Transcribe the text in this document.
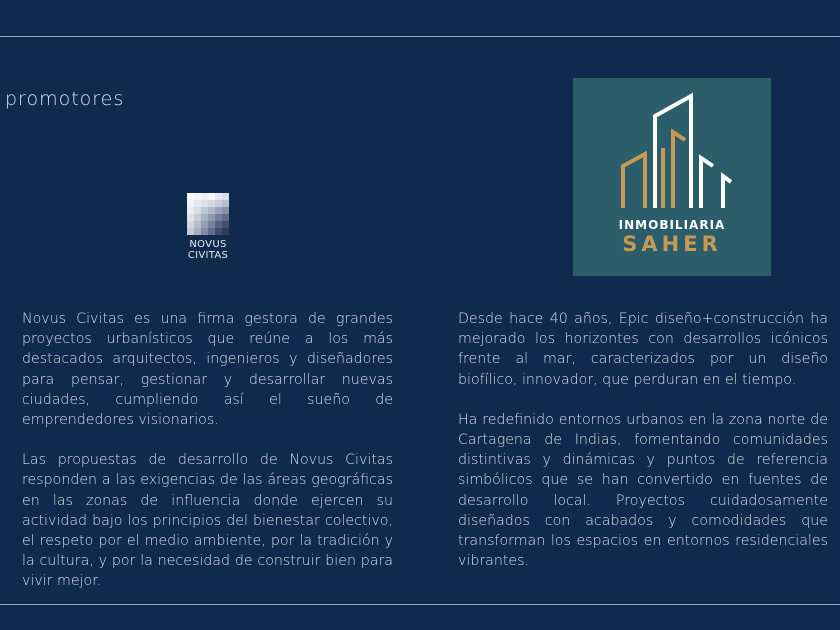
promotores
NOVUS
CIVITAS
INMOBILIARIA
SAHER

Novus Civitas es una firma gestora de grandes proyectos urbanísticos que reúne a los más destacados arquitectos, ingenieros y diseñadores para pensar, gestionar y desarrollar nuevas ciudades, cumpliendo así el sueño de emprendedores visionarios.

Las propuestas de desarrollo de Novus Civitas responden a las exigencias de las áreas geográficas en las zonas de influencia donde ejercen su actividad bajo los principios del bienestar colectivo, el respeto por el medio ambiente, por la tradición y la cultura, y por la necesidad de construir bien para vivir mejor.

Desde hace 40 años, Epic diseño+construcción ha mejorado los horizontes con desarrollos icónicos frente al mar, caracterizados por un diseño biofílico, innovador, que perduran en el tiempo.

Ha redefinido entornos urbanos en la zona norte de Cartagena de Indias, fomentando comunidades distintivas y dinámicas y puntos de referencia simbólicos que se han convertido en fuentes de desarrollo local. Proyectos cuidadosamente diseñados con acabados y comodidades que transforman los espacios en entornos residenciales vibrantes.
